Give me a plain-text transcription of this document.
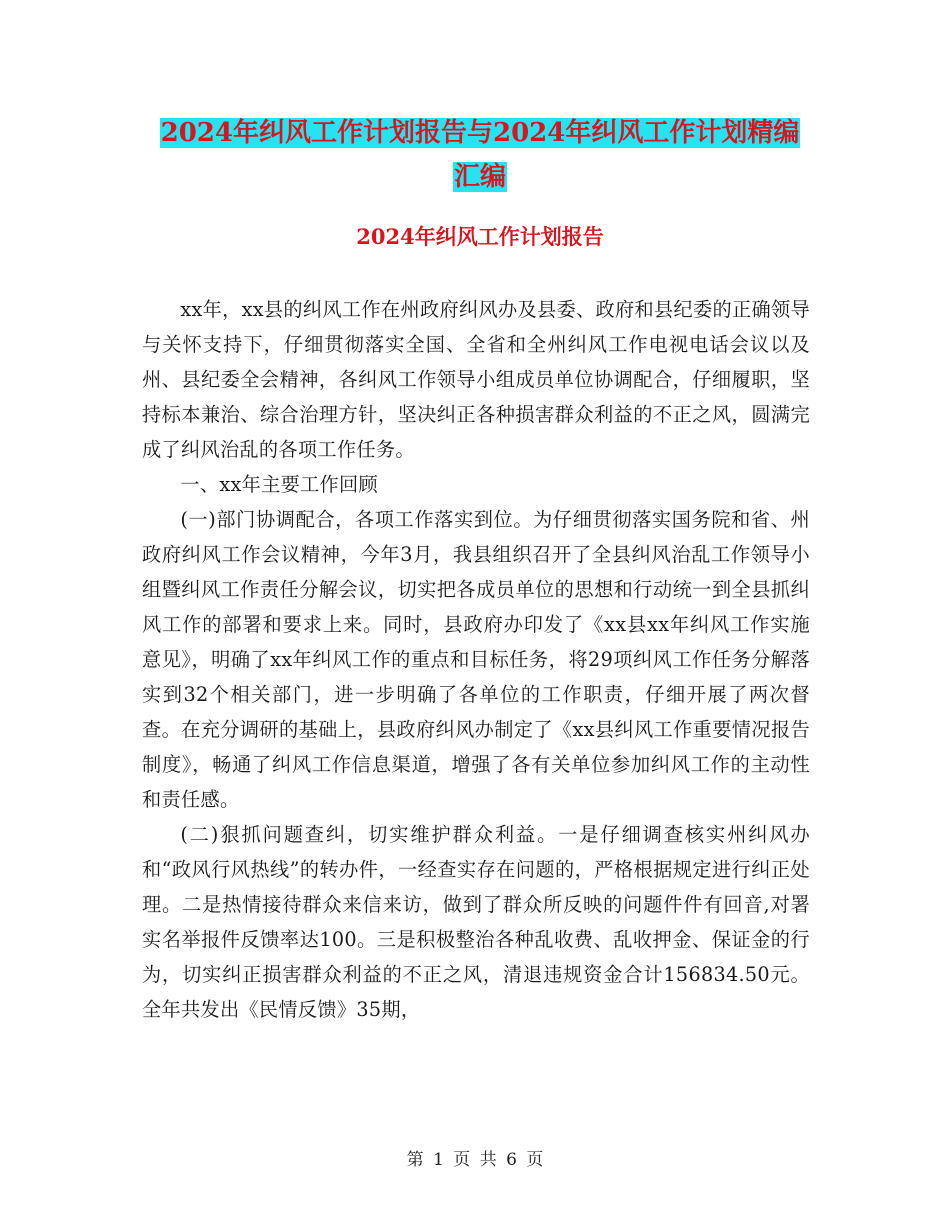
2024年纠风工作计划报告与2024年纠风工作计划精编
汇编
2024年纠风工作计划报告

xx年，xx县的纠风工作在州政府纠风办及县委、政府和县纪委的正确领导与关怀支持下，仔细贯彻落实全国、全省和全州纠风工作电视电话会议以及州、县纪委全会精神，各纠风工作领导小组成员单位协调配合，仔细履职，坚持标本兼治、综合治理方针，坚决纠正各种损害群众利益的不正之风，圆满完成了纠风治乱的各项工作任务。

一、xx年主要工作回顾

(一)部门协调配合，各项工作落实到位。为仔细贯彻落实国务院和省、州政府纠风工作会议精神，今年3月，我县组织召开了全县纠风治乱工作领导小组暨纠风工作责任分解会议，切实把各成员单位的思想和行动统一到全县抓纠风工作的部署和要求上来。同时，县政府办印发了《xx县xx年纠风工作实施意见》，明确了xx年纠风工作的重点和目标任务，将29项纠风工作任务分解落实到32个相关部门，进一步明确了各单位的工作职责，仔细开展了两次督查。在充分调研的基础上，县政府纠风办制定了《xx县纠风工作重要情况报告制度》，畅通了纠风工作信息渠道，增强了各有关单位参加纠风工作的主动性和责任感。

(二)狠抓问题查纠，切实维护群众利益。一是仔细调查核实州纠风办和“政风行风热线”的转办件，一经查实存在问题的，严格根据规定进行纠正处理。二是热情接待群众来信来访，做到了群众所反映的问题件件有回音,对署实名举报件反馈率达100。三是积极整治各种乱收费、乱收押金、保证金的行为，切实纠正损害群众利益的不正之风，清退违规资金合计156834.50元。全年共发出《民情反馈》35期，

第 1 页 共 6 页
